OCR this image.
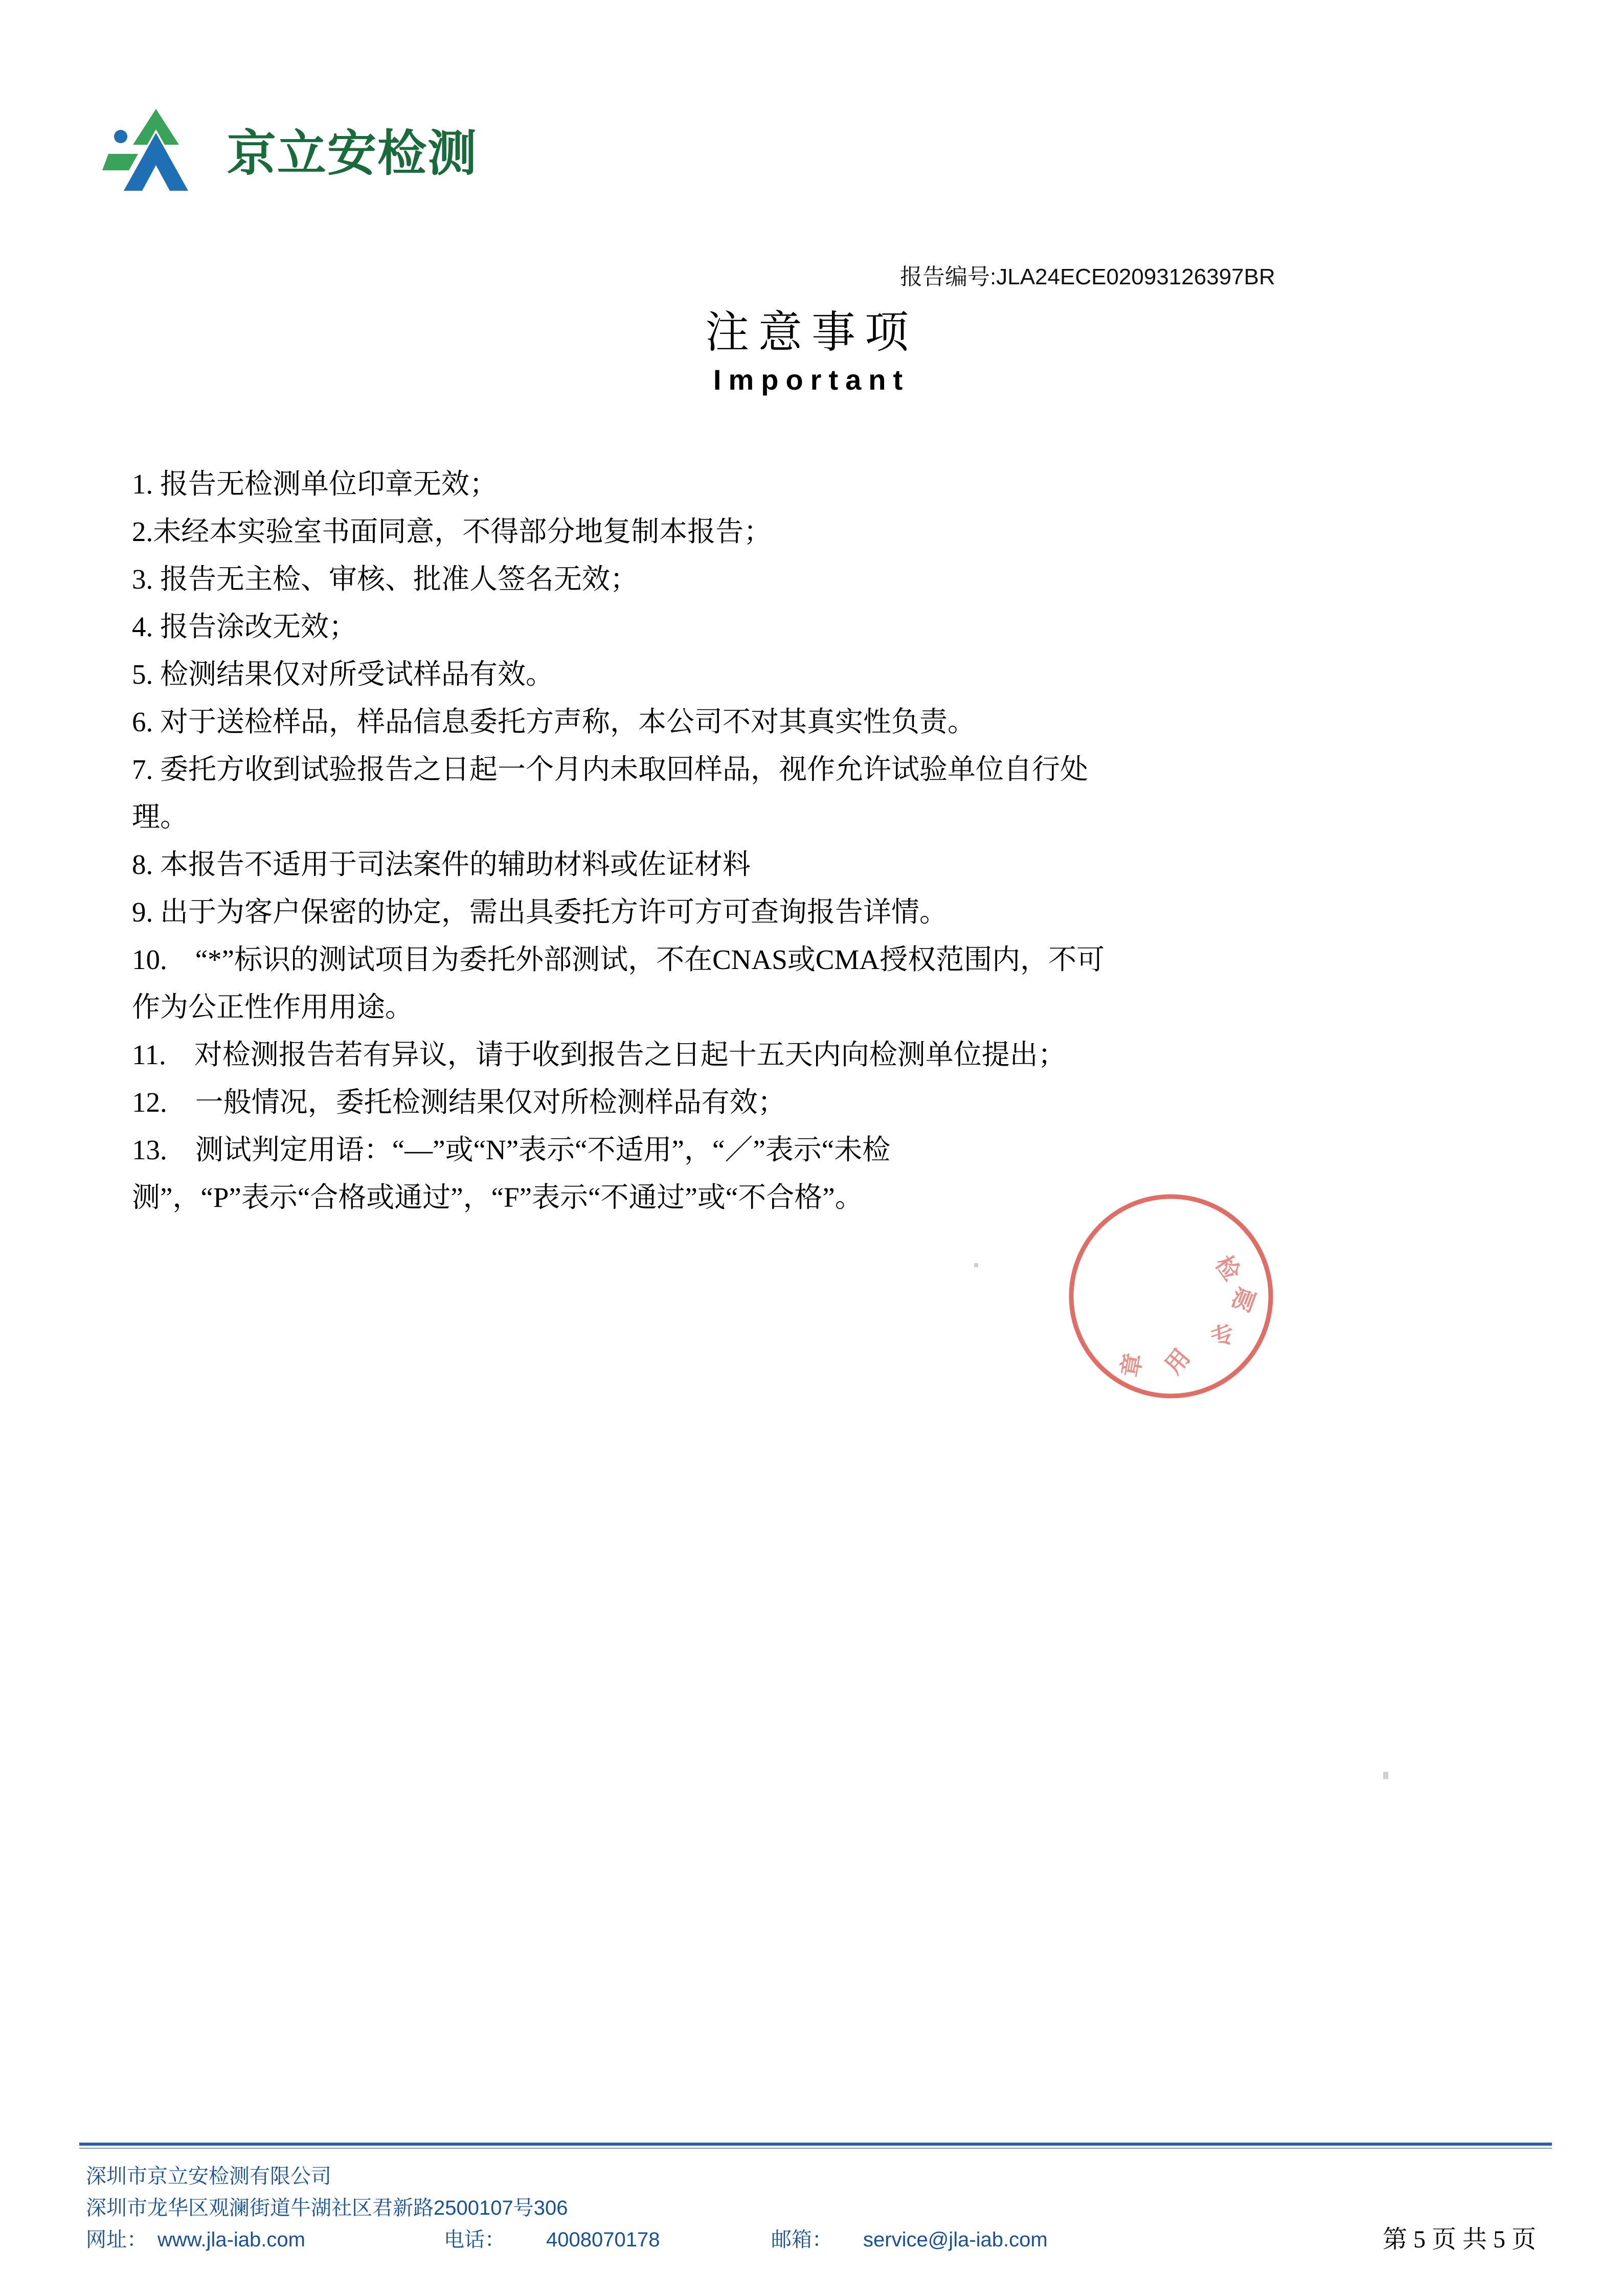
京立安检测
报告编号:JLA24ECE02093126397BR
注意事项
Important
1. 报告无检测单位印章无效；
2.未经本实验室书面同意，不得部分地复制本报告；
3. 报告无主检、审核、批准人签名无效；
4. 报告涂改无效；
5. 检测结果仅对所受试样品有效。
6. 对于送检样品，样品信息委托方声称，本公司不对其真实性负责。
7. 委托方收到试验报告之日起一个月内未取回样品，视作允许试验单位自行处
理。
8. 本报告不适用于司法案件的辅助材料或佐证材料
9. 出于为客户保密的协定，需出具委托方许可方可查询报告详情。
10.    “*”标识的测试项目为委托外部测试，不在CNAS或CMA授权范围内，不可
作为公正性作用用途。
11.    对检测报告若有异议，请于收到报告之日起十五天内向检测单位提出；
12.    一般情况，委托检测结果仅对所检测样品有效；
13.    测试判定用语：“—”或“N”表示“不适用”，“／”表示“未检
测”，“P”表示“合格或通过”，“F”表示“不通过”或“不合格”。
检
测
专
用
章
深圳市京立安检测有限公司
深圳市龙华区观澜街道牛湖社区君新路2500107号306
网址： www.jla-iab.com	电话：	4008070178	邮箱：	service@jla-iab.com	第 5 页 共 5 页
